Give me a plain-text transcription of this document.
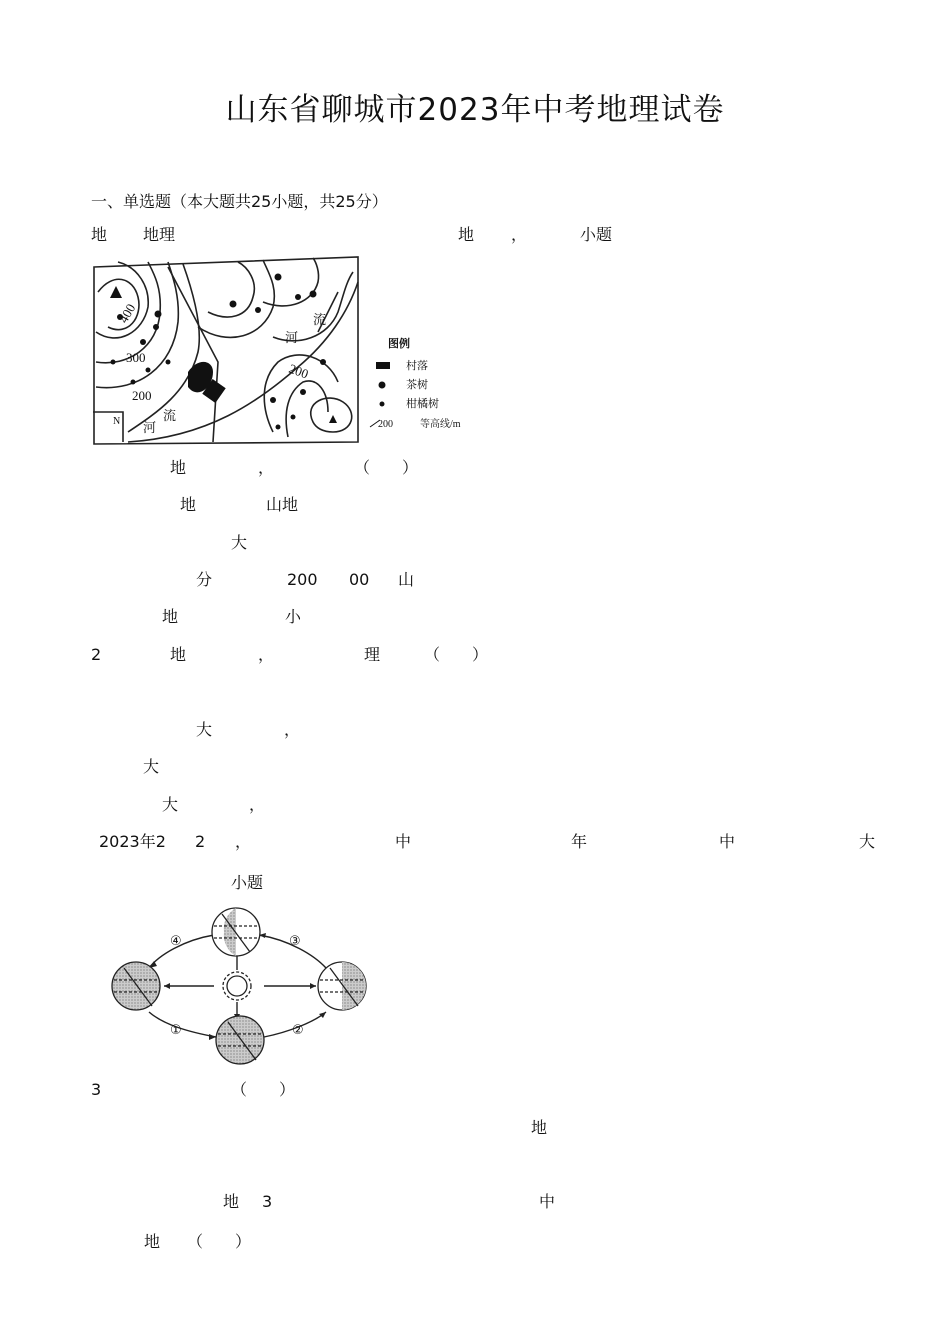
山东省聊城市2023年中考地理试卷
一、单选题（本大题共25小题，共25分）
地 地理	地 ，	小题
400
300
200
200
河
流
河
流
N
图例
村落
茶树
柑橘树
200	等高线/m
地	，	（　　）
地	山地
大
分	200 00 山
地	小
2	地	，	理	（　　）
大	，
大
大	，
2023年2 2 ，	中	年	中	大
小题
①	②
③
④
3	（　　）
地
地 3	中
地 （　　）
